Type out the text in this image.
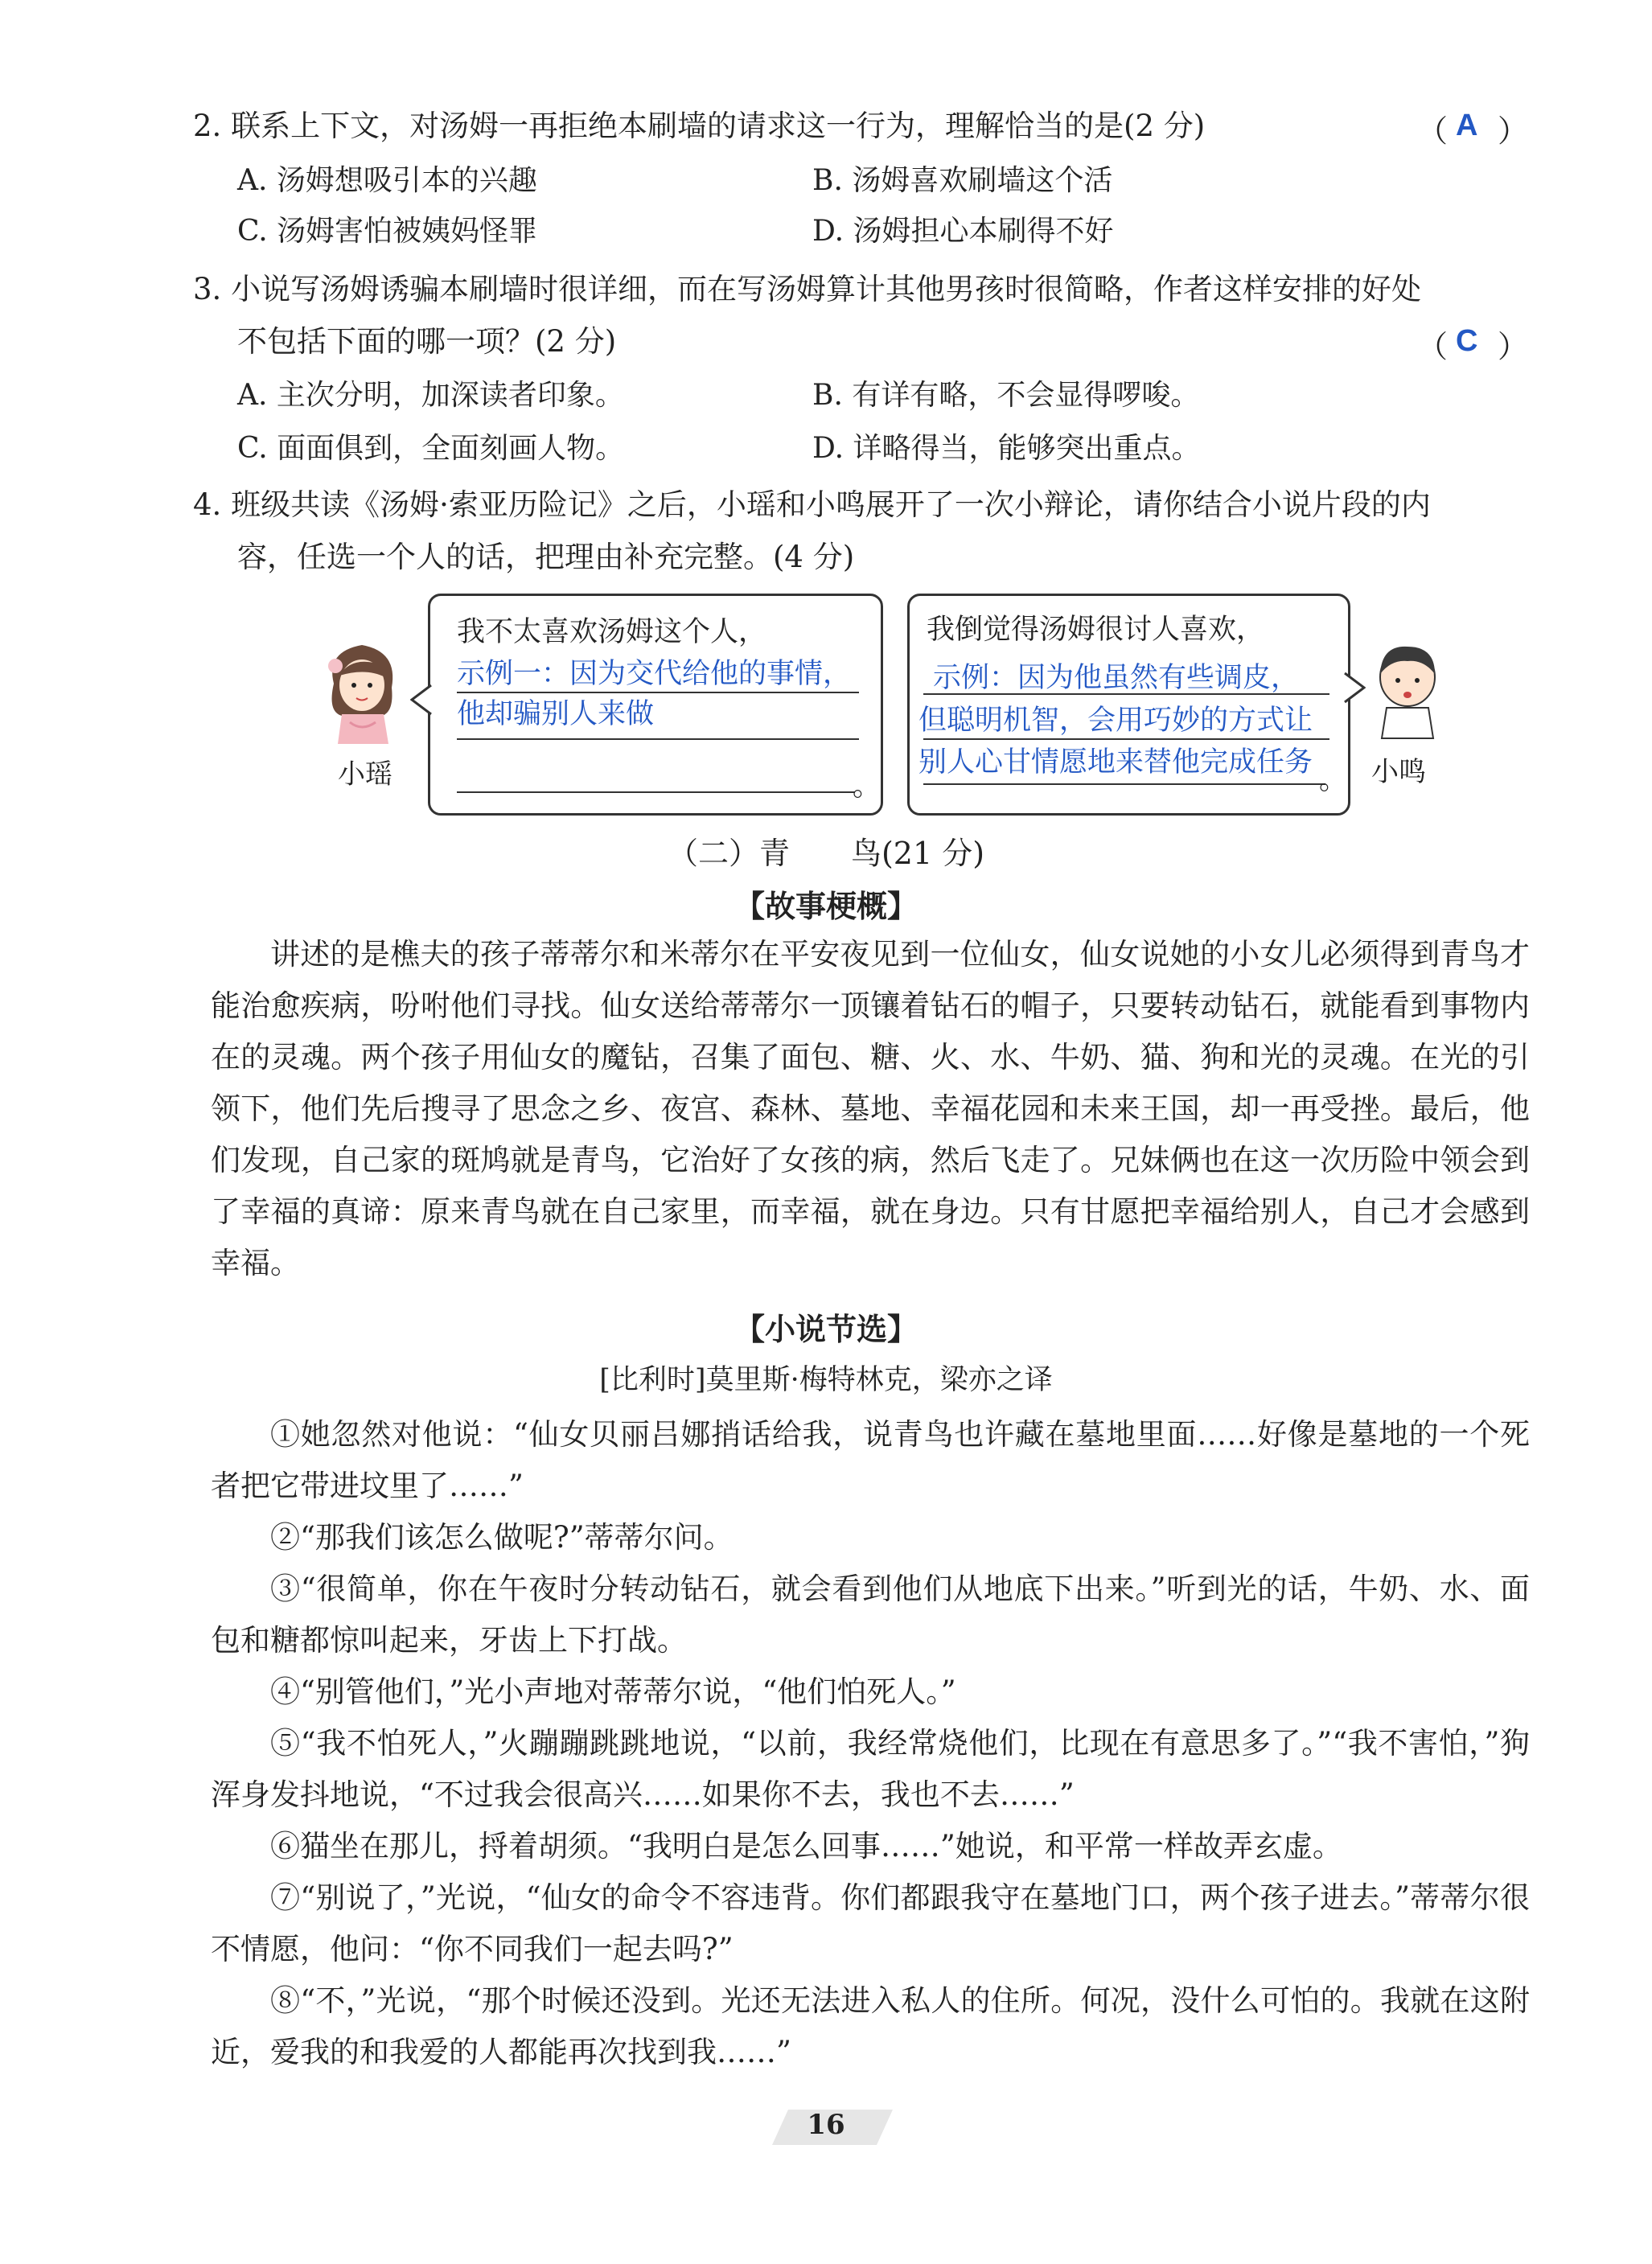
2. 联系上下文，对汤姆一再拒绝本刷墙的请求这一行为，理解恰当的是(2 分)	（ A ）
A. 汤姆想吸引本的兴趣	B. 汤姆喜欢刷墙这个活
C. 汤姆害怕被姨妈怪罪	D. 汤姆担心本刷得不好
3. 小说写汤姆诱骗本刷墙时很详细，而在写汤姆算计其他男孩时很简略，作者这样安排的好处
不包括下面的哪一项？(2 分)	（ C ）
A. 主次分明，加深读者印象。	B. 有详有略，不会显得啰唆。
C. 面面俱到，全面刻画人物。	D. 详略得当，能够突出重点。
4. 班级共读《汤姆·索亚历险记》之后，小瑶和小鸣展开了一次小辩论，请你结合小说片段的内
容，任选一个人的话，把理由补充完整。(4 分)
小瑶
我不太喜欢汤姆这个人，
示例一：因为交代给他的事情，
他却骗别人来做
。
我倒觉得汤姆很讨人喜欢，
示例：因为他虽然有些调皮，
但聪明机智，会用巧妙的方式让
别人心甘情愿地来替他完成任务
。 小鸣
（二）青　　鸟(21 分)
【故事梗概】
讲述的是樵夫的孩子蒂蒂尔和米蒂尔在平安夜见到一位仙女，仙女说她的小女儿必须得到青鸟才能治愈疾病，吩咐他们寻找。仙女送给蒂蒂尔一顶镶着钻石的帽子，只要转动钻石，就能看到事物内在的灵魂。两个孩子用仙女的魔钻，召集了面包、糖、火、水、牛奶、猫、狗和光的灵魂。在光的引领下，他们先后搜寻了思念之乡、夜宫、森林、墓地、幸福花园和未来王国，却一再受挫。最后，他们发现，自己家的斑鸠就是青鸟，它治好了女孩的病，然后飞走了。兄妹俩也在这一次历险中领会到了幸福的真谛：原来青鸟就在自己家里，而幸福，就在身边。只有甘愿把幸福给别人，自己才会感到幸福。
【小说节选】
[比利时]莫里斯·梅特林克，梁亦之译
①她忽然对他说：“仙女贝丽吕娜捎话给我，说青鸟也许藏在墓地里面……好像是墓地的一个死者把它带进坟里了……”
②“那我们该怎么做呢?”蒂蒂尔问。
③“很简单，你在午夜时分转动钻石，就会看到他们从地底下出来。”听到光的话，牛奶、水、面包和糖都惊叫起来，牙齿上下打战。
④“别管他们，”光小声地对蒂蒂尔说，“他们怕死人。”
⑤“我不怕死人，”火蹦蹦跳跳地说，“以前，我经常烧他们，比现在有意思多了。”“我不害怕，”狗浑身发抖地说，“不过我会很高兴……如果你不去，我也不去……”
⑥猫坐在那儿，捋着胡须。“我明白是怎么回事……”她说，和平常一样故弄玄虚。
⑦“别说了，”光说，“仙女的命令不容违背。你们都跟我守在墓地门口，两个孩子进去。”蒂蒂尔很不情愿，他问：“你不同我们一起去吗?”
⑧“不，”光说，“那个时候还没到。光还无法进入私人的住所。何况，没什么可怕的。我就在这附近，爱我的和我爱的人都能再次找到我……”
16
